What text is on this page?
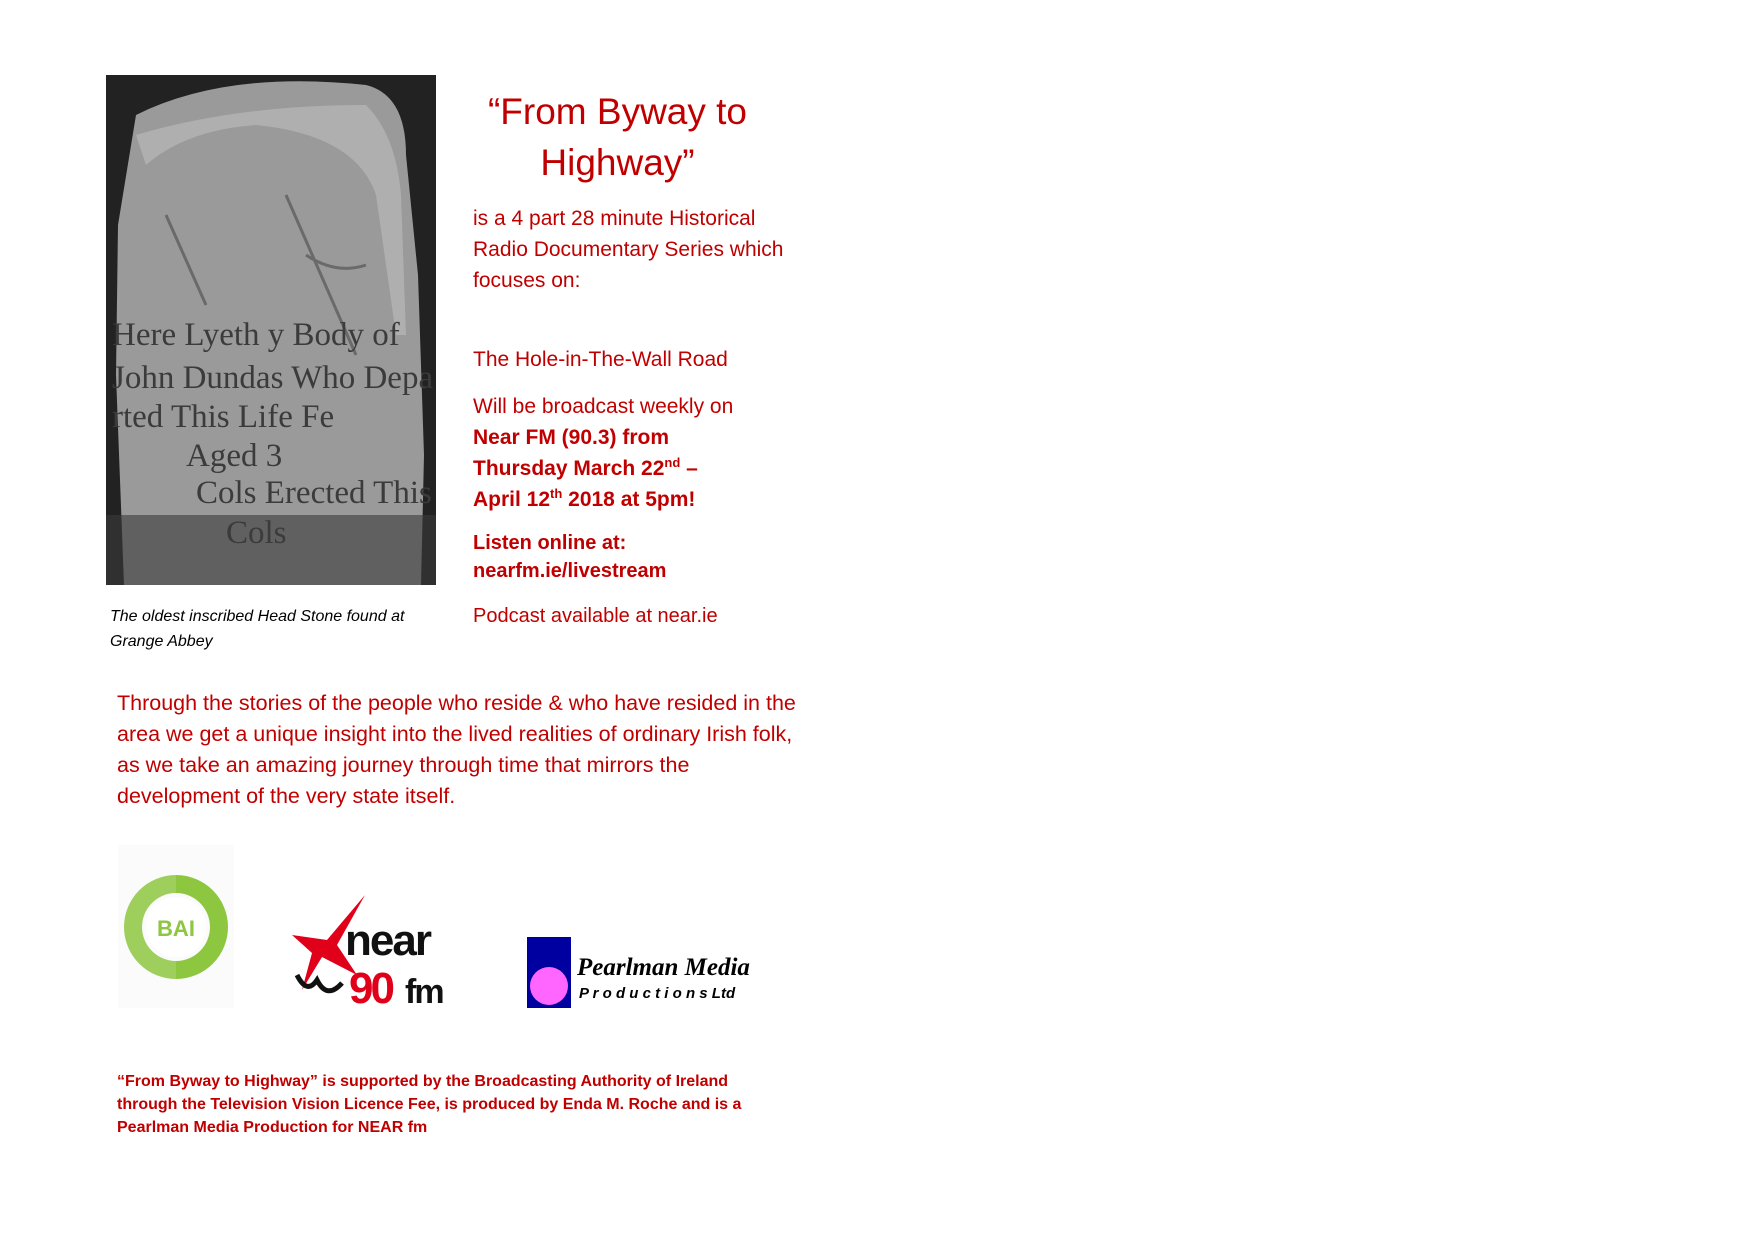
Here Lyeth y Body of
John Dundas Who Depa
rted This Life Fe
Aged 3
Cols Erected This
Cols
The oldest inscribed Head Stone found at Grange Abbey
“From Byway to Highway”
is a 4 part 28 minute Historical Radio Documentary Series which focuses on:
The Hole-in-The-Wall Road
Will be broadcast weekly on
Near FM (90.3) from
Thursday March 22nd –
April 12th 2018 at 5pm!
Listen online at:
nearfm.ie/livestream
Podcast available at near.ie
Through the stories of the people who reside & who have resided in the area we get a unique insight into the lived realities of ordinary Irish folk, as we take an amazing journey through time that mirrors the development of the very state itself.
BAI	near
90 fm
Pearlman Media
P r o d u c t i o n s Ltd
“From Byway to Highway” is supported by the Broadcasting Authority of Ireland through the Television Vision Licence Fee, is produced by Enda M. Roche and is a Pearlman Media Production for NEAR fm
